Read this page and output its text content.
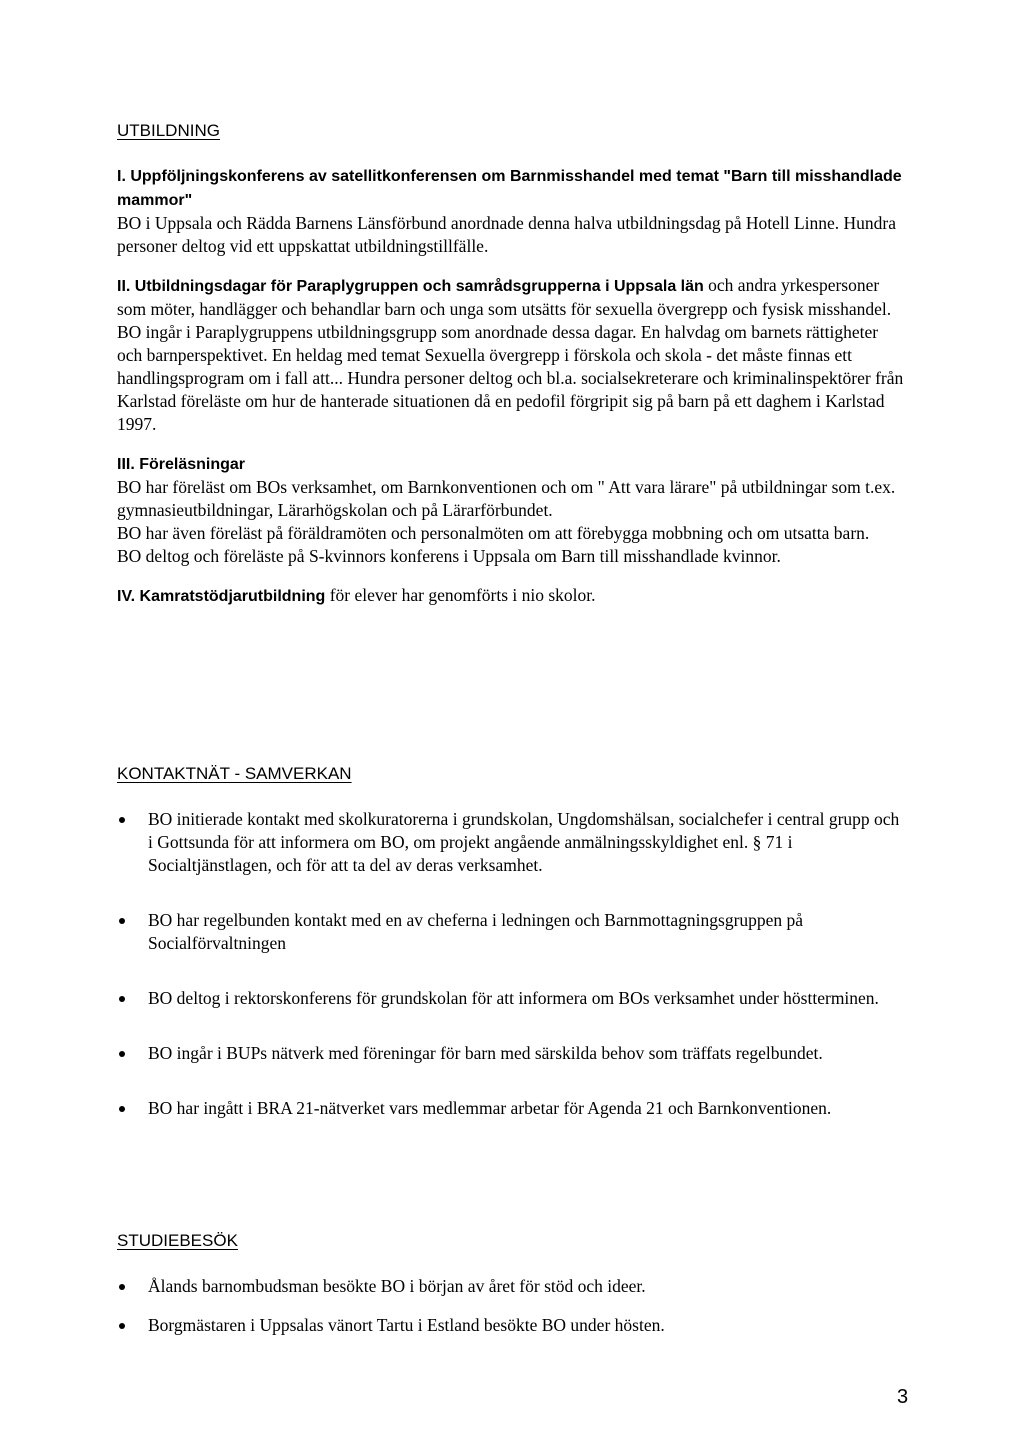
UTBILDNING

I. Uppföljningskonferens av satellitkonferensen om Barnmisshandel med temat "Barn till misshandlade mammor"
BO i Uppsala och Rädda Barnens Länsförbund anordnade denna halva utbildningsdag på Hotell Linne. Hundra personer deltog vid ett uppskattat utbildningstillfälle.

II. Utbildningsdagar för Paraplygruppen och samrådsgrupperna i Uppsala län och andra yrkespersoner som möter, handlägger och behandlar barn och unga som utsätts för sexuella övergrepp och fysisk misshandel.

BO ingår i Paraplygruppens utbildningsgrupp som anordnade dessa dagar. En halvdag om barnets rättigheter och barnperspektivet. En heldag med temat Sexuella övergrepp i förskola och skola - det måste finnas ett handlingsprogram om i fall att... Hundra personer deltog och bl.a. socialsekreterare och kriminalinspektörer från Karlstad föreläste om hur de hanterade situationen då en pedofil förgripit sig på barn på ett daghem i Karlstad 1997.

III. Föreläsningar

BO har föreläst om BOs verksamhet, om Barnkonventionen och om " Att vara lärare" på utbildningar som t.ex. gymnasieutbildningar, Lärarhögskolan och på Lärarförbundet.

BO har även föreläst på föräldramöten och personalmöten om att förebygga mobbning och om utsatta barn.

BO deltog och föreläste på S-kvinnors konferens i Uppsala om Barn till misshandlade kvinnor.

IV. Kamratstödjarutbildning för elever har genomförts i nio skolor.

KONTAKTNÄT - SAMVERKAN
BO initierade kontakt med skolkuratorerna i grundskolan, Ungdomshälsan, socialchefer i central grupp och i Gottsunda för att informera om BO, om projekt angående anmälningsskyldighet enl. § 71 i Socialtjänstlagen, och för att ta del av deras verksamhet.
BO har regelbunden kontakt med en av cheferna i ledningen och Barnmottagningsgruppen på Socialförvaltningen
BO deltog i rektorskonferens för grundskolan för att informera om BOs verksamhet under höstterminen.
BO ingår i BUPs nätverk med föreningar för barn med särskilda behov som träffats regelbundet.
BO har ingått i BRA 21-nätverket vars medlemmar arbetar för Agenda 21 och Barnkonventionen.
STUDIEBESÖK
Ålands barnombudsman besökte BO i början av året för stöd och ideer.
Borgmästaren i Uppsalas vänort Tartu i Estland besökte BO under hösten.
3
